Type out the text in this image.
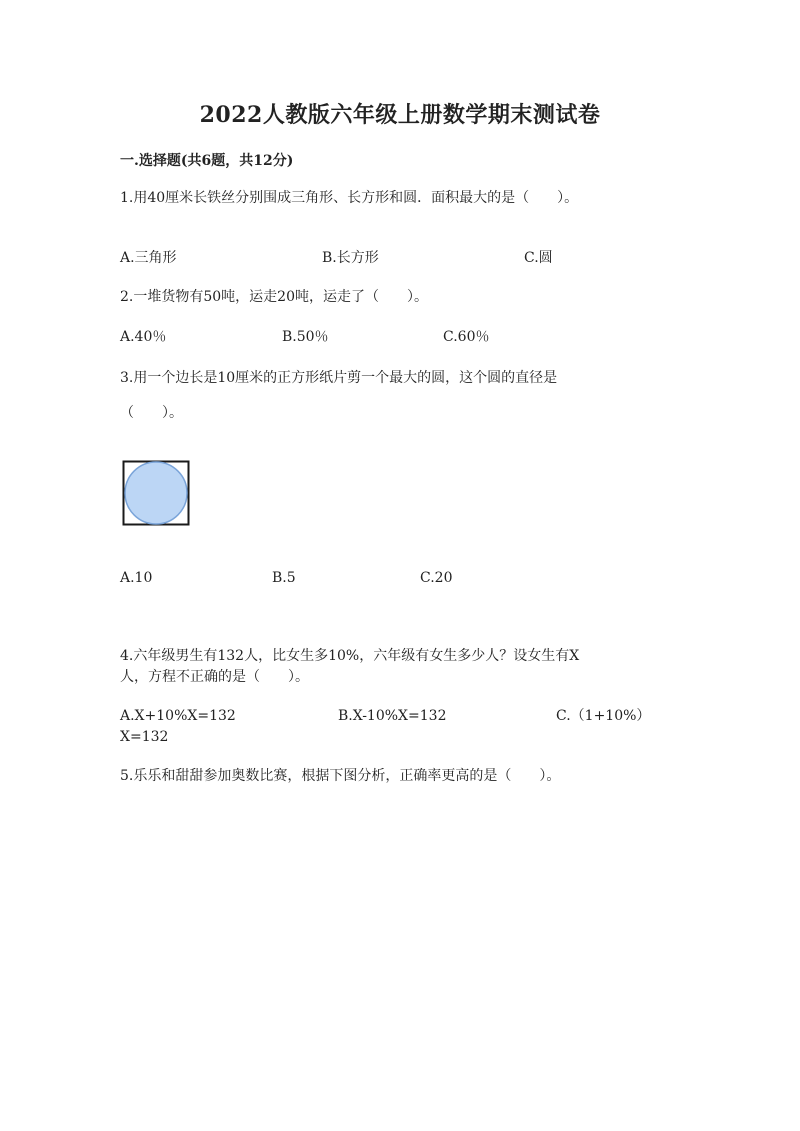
2022人教版六年级上册数学期末测试卷
一.选择题(共6题，共12分)
1.用40厘米长铁丝分别围成三角形、长方形和圆．面积最大的是（　　）。
A.三角形	B.长方形	C.圆
2.一堆货物有50吨，运走20吨，运走了（　　）。
A.40％	B.50％	C.60％
3.用一个边长是10厘米的正方形纸片剪一个最大的圆，这个圆的直径是
（　　）。
A.10	B.5	C.20
4.六年级男生有132人，比女生多10%，六年级有女生多少人？设女生有X
人，方程不正确的是（　　）。
A.X+10%X=132	B.X-10%X=132	C.（1+10%）
X=132
5.乐乐和甜甜参加奥数比赛，根据下图分析，正确率更高的是（　　）。
